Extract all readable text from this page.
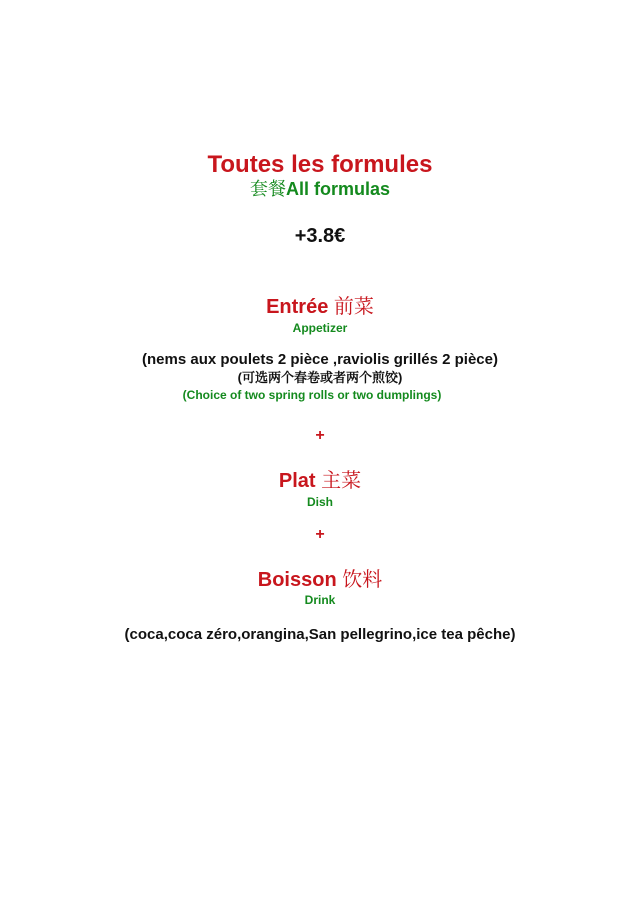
Toutes les formules
套餐All formulas
+3.8€
Entrée 前菜
Appetizer
(nems aux poulets 2 pièce ,raviolis grillés 2 pièce)
(可选两个春卷或者两个煎饺)
(Choice of two spring rolls or two dumplings)
+
Plat 主菜
Dish
+
Boisson 饮料
Drink
(coca,coca zéro,orangina,San pellegrino,ice tea pêche)
